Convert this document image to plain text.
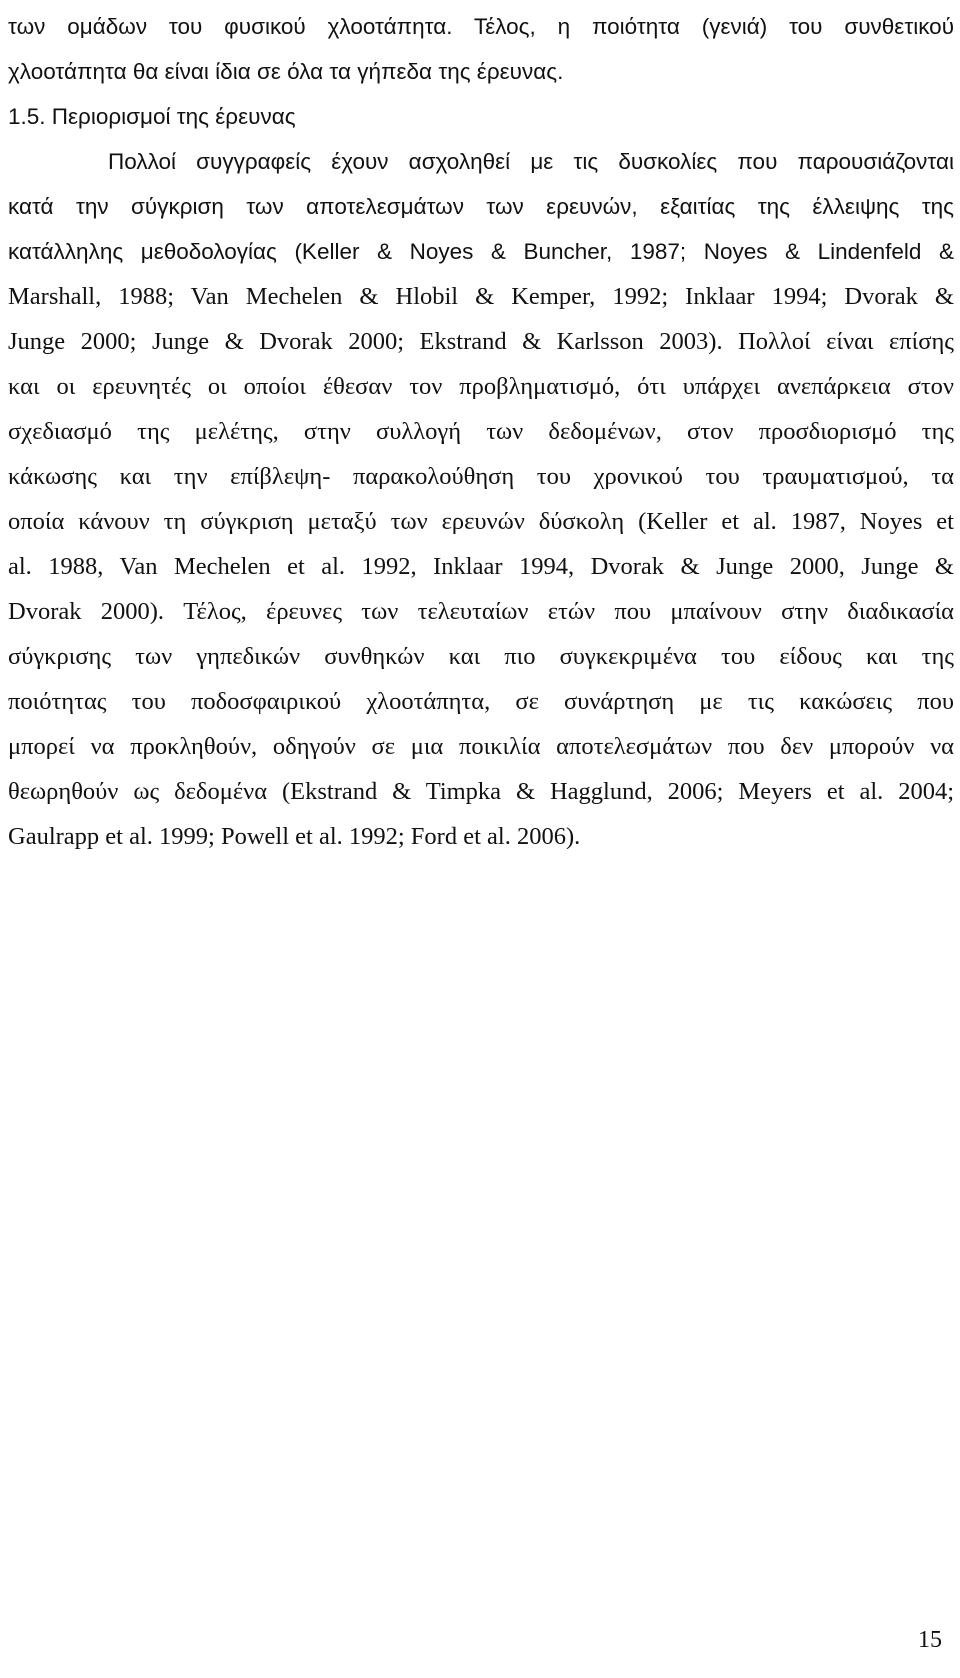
των ομάδων του φυσικού χλοοτάπητα. Τέλος, η ποιότητα (γενιά) του συνθετικού
χλοοτάπητα θα είναι ίδια σε όλα τα γήπεδα της έρευνας.
1.5. Περιορισμοί της έρευνας
Πολλοί συγγραφείς έχουν ασχοληθεί με τις δυσκολίες που παρουσιάζονται
κατά την σύγκριση των αποτελεσμάτων των ερευνών, εξαιτίας της έλλειψης της
κατάλληλης μεθοδολογίας (Keller & Noyes & Buncher, 1987; Noyes & Lindenfeld &
Marshall, 1988; Van Mechelen & Hlobil & Kemper, 1992; Inklaar 1994; Dvorak &
Junge 2000; Junge & Dvorak 2000; Ekstrand & Karlsson 2003). Πολλοί είναι επίσης
και οι ερευνητές οι οποίοι έθεσαν τον προβληματισμό, ότι υπάρχει ανεπάρκεια στον
σχεδιασμό της μελέτης, στην συλλογή των δεδομένων, στον προσδιορισμό της
κάκωσης και την επίβλεψη- παρακολούθηση του χρονικού του τραυματισμού, τα
οποία κάνουν τη σύγκριση μεταξύ των ερευνών δύσκολη (Keller et al. 1987, Noyes et
al. 1988, Van Mechelen et al. 1992, Inklaar 1994, Dvorak & Junge 2000, Junge &
Dvorak 2000). Τέλος, έρευνες των τελευταίων ετών που μπαίνουν στην διαδικασία
σύγκρισης των γηπεδικών συνθηκών και πιο συγκεκριμένα του είδους και της
ποιότητας του ποδοσφαιρικού χλοοτάπητα, σε συνάρτηση με τις κακώσεις που
μπορεί να προκληθούν, οδηγούν σε μια ποικιλία αποτελεσμάτων που δεν μπορούν να
θεωρηθούν ως δεδομένα (Ekstrand & Timpka & Hagglund, 2006; Meyers et al. 2004;
Gaulrapp et al. 1999; Powell et al. 1992; Ford et al. 2006).
15
